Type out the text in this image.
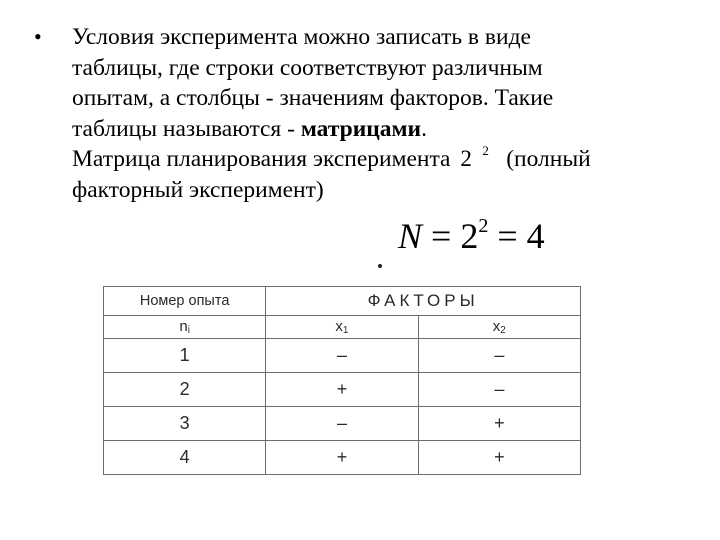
• Условия эксперимента можно записать в виде
таблицы, где строки соответствуют различным
опытам, а столбцы - значениям факторов. Такие
таблицы называются - матрицами.
Матрица планирования эксперимента 2 2 (полный
факторный эксперимент)
$N = 2^2 = 4$
Номер опыта	ФАКТОРЫ	
$n_i$	$x_1$	$x_2$
1	–	–
2	+	–
3	–	+
4	+	+
